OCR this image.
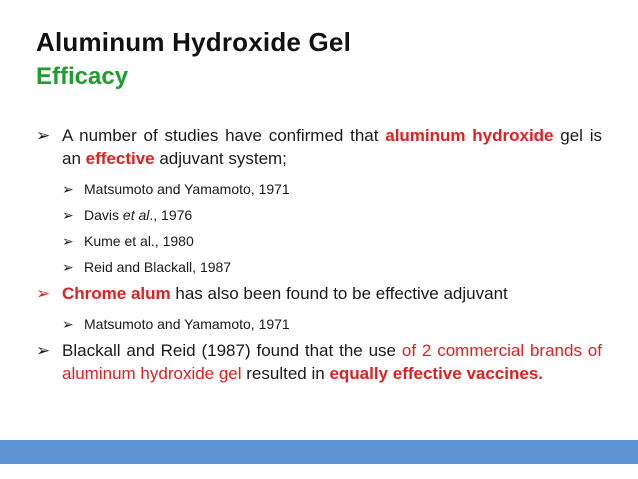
Aluminum Hydroxide Gel
Efficacy
➢ A number of studies have confirmed that aluminum hydroxide gel is an effective adjuvant system;
➢ Matsumoto and Yamamoto, 1971
➢ Davis et al., 1976
➢ Kume et al., 1980
➢ Reid and Blackall, 1987
➢ Chrome alum has also been found to be effective adjuvant
➢ Matsumoto and Yamamoto, 1971
➢ Blackall and Reid (1987) found that the use of 2 commercial brands of aluminum hydroxide gel resulted in equally effective vaccines.
